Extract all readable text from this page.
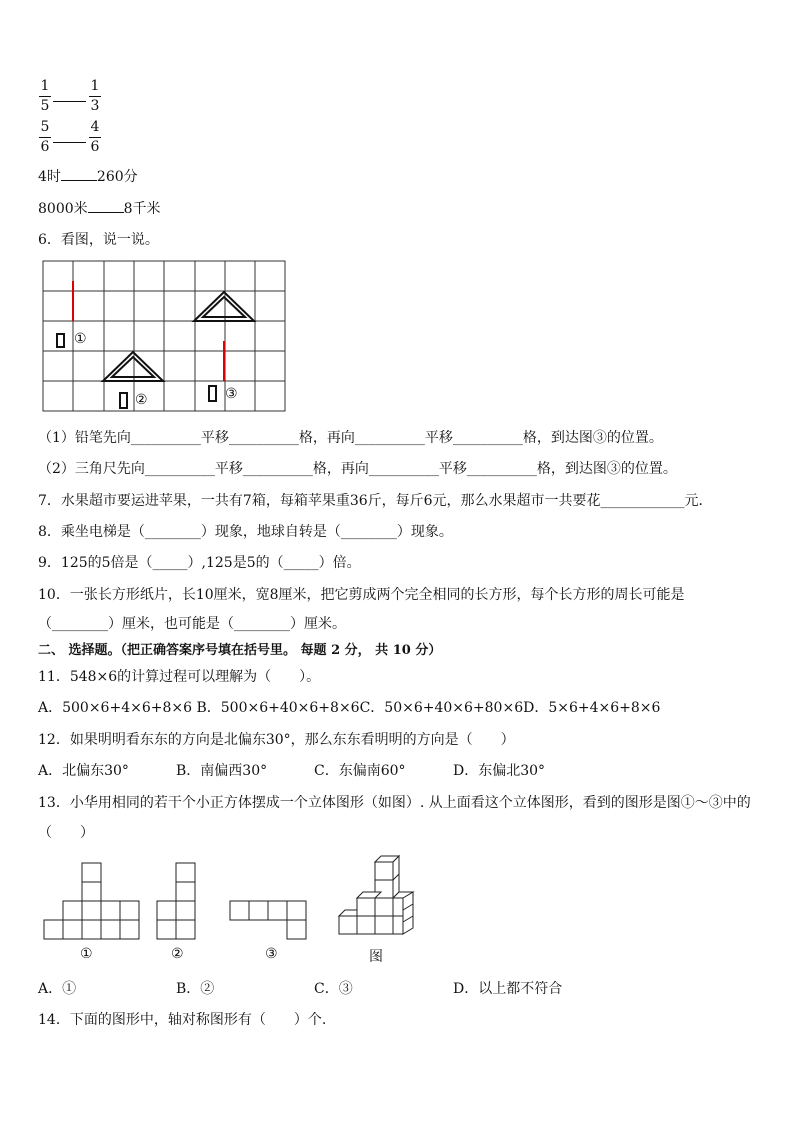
1
5
1
3
5
6
4
6
4时	260分
8000米	8千米
6．看图，说一说。
①
②	③
（1）铅笔先向__________平移__________格，再向__________平移__________格，到达图③的位置。
（2）三角尺先向__________平移__________格，再向__________平移__________格，到达图③的位置。
7．水果超市要运进苹果，一共有7箱，每箱苹果重36斤，每斤6元，那么水果超市一共要花____________元．
8．乘坐电梯是（________）现象，地球自转是（________）现象。
9．125的5倍是（_____）,125是5的（_____）倍。
10．一张长方形纸片，长10厘米，宽8厘米，把它剪成两个完全相同的长方形，每个长方形的周长可能是
（________）厘米，也可能是（________）厘米。
二、 选择题。（把正确答案序号填在括号里。 每题 2 分， 共 10 分）
11．548×6的计算过程可以理解为（　　）。
A．500×6+4×6+8×6 B．500×6+40×6+8×6C．50×6+40×6+80×6D．5×6+4×6+8×6
12．如果明明看东东的方向是北偏东30°，那么东东看明明的方向是（　　）
A．北偏东30°	B．南偏西30°	C．东偏南60°	D．东偏北30°
13．小华用相同的若干个小正方体摆成一个立体图形（如图）. 从上面看这个立体图形，看到的图形是图①～③中的
（　　）
①	②	③	图
A．①	B．②	C．③	D．以上都不符合
14．下面的图形中，轴对称图形有（　　）个.
